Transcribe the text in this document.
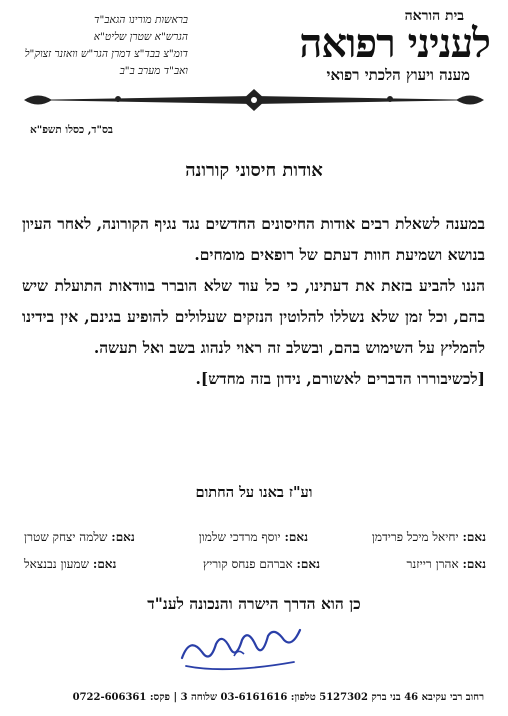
בית הוראה
לעניני רפואה
מענה ויעוץ הלכתי רפואי
בראשות מורינו הגאב"ד
הגרש"א שטרן שליט"א
דומ"צ בבד"צ דמרן הגר"ש וואזנר זצוק"ל
ואב"ד מערב ב"ב
בס"ד, כסלו תשפ"א
אודות חיסוני קורונה

במענה לשאלת רבים אודות החיסונים החדשים נגד נגיף הקורונה, לאחר העיון בנושא ושמיעת חוות דעתם של רופאים מומחים.

הננו להביע בזאת את דעתינו, כי כל עוד שלא הוברר בוודאות התועלת שיש בהם, וכל זמן שלא נשללו להלוטין הנזקים שעלולים להופיע בגינם, אין בידינו להמליץ על השימוש בהם, ובשלב זה ראוי לנהוג בשב ואל תעשה.

[לכשיבוררו הדברים לאשורם, נידון בזה מחדש].

וע"ז באנו על החתום
נאם: יחיאל מיכל פרידמן
נאם: יוסף מרדכי שלמון
נאם: שלמה יצחק שטרן
נאם: אהרן רייזנר
נאם: אברהם פנחס קוריץ
נאם: שמעון נבנצאל
כן הוא הדרך הישרה והנכונה לענ"ד
רחוב רבי עקיבא 46 בני ברק 5127302 טלפון: 03-6161616 שלוחה 3 | פקס: 0722-606361
